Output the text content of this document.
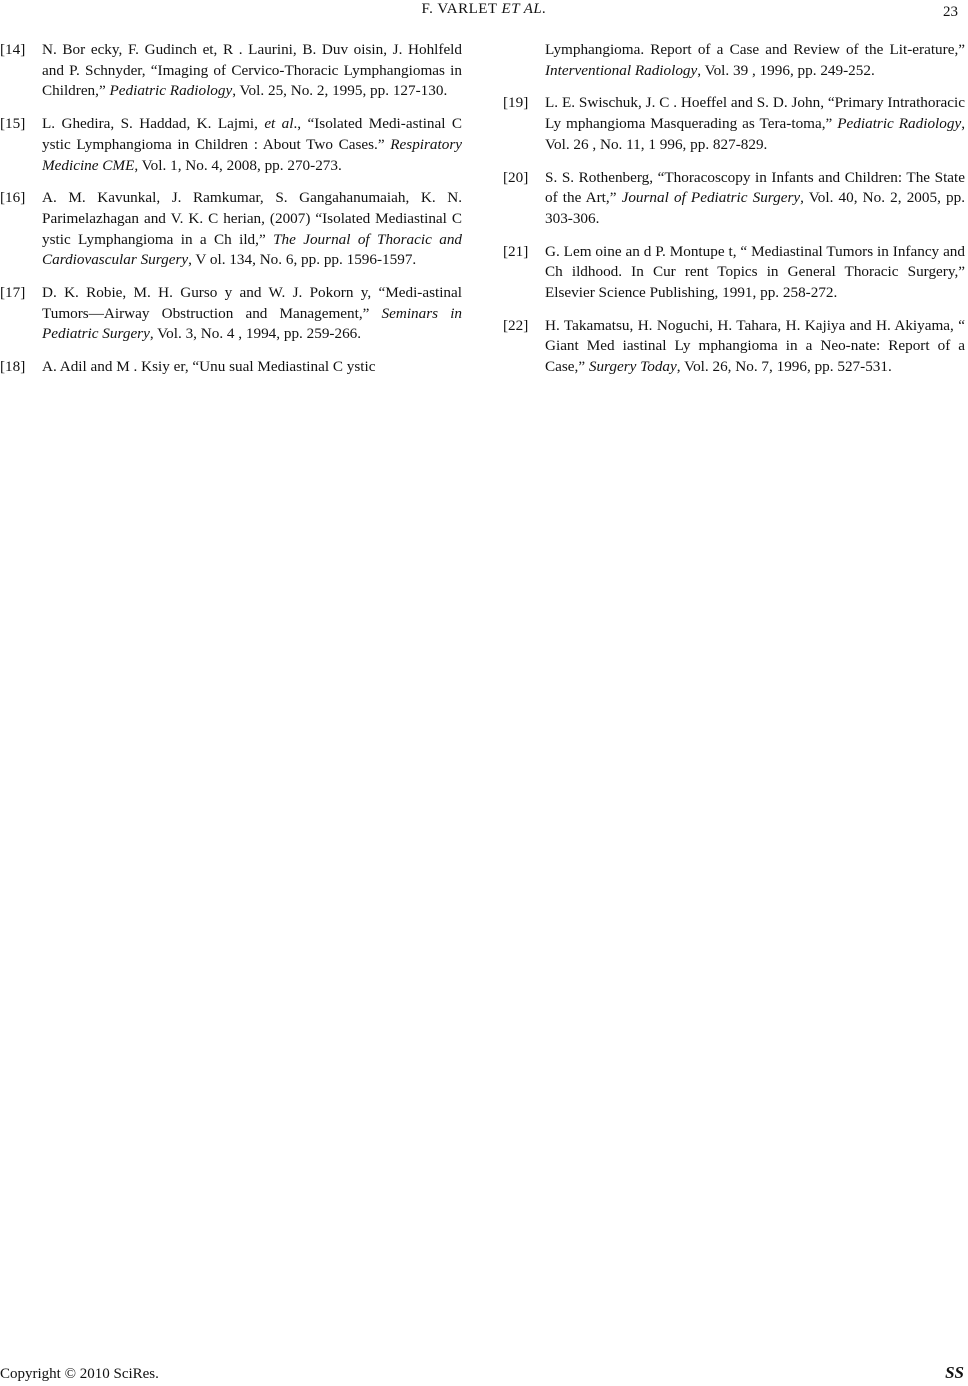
F. VARLET ET AL.	23
[14] N. Bor ecky, F. Gudinch et, R . Laurini, B. Duv oisin, J. Hohlfeld and P. Schnyder, “Imaging of Cervico-Thoracic Lymphangiomas in Children,” Pediatric Radiology, Vol. 25, No. 2, 1995, pp. 127-130.
[15] L. Ghedira, S. Haddad, K. Lajmi, et al., “Isolated Medi-astinal C ystic Lymphangioma in Children : About Two Cases.” Respiratory Medicine CME, Vol. 1, No. 4, 2008, pp. 270-273.
[16] A. M. Kavunkal, J. Ramkumar, S. Gangahanumaiah, K. N. Parimelazhagan and V. K. C herian, (2007) “Isolated Mediastinal C ystic Lymphangioma in a Ch ild,” The Journal of Thoracic and Cardiovascular Surgery, V ol. 134, No. 6, pp. pp. 1596-1597.
[17] D. K. Robie, M. H. Gurso y and W. J. Pokorn y, “Medi-astinal Tumors—Airway Obstruction and Management,” Seminars in Pediatric Surgery, Vol. 3, No. 4 , 1994, pp. 259-266.
[18] A. Adil and M . Ksiy er, “Unu sual Mediastinal C ystic
Lymphangioma. Report of a Case and Review of the Lit-erature,” Interventional Radiology, Vol. 39 , 1996, pp. 249-252.
[19] L. E. Swischuk, J. C . Hoeffel and S. D. John, “Primary Intrathoracic Ly mphangioma Masquerading as Tera-toma,” Pediatric Radiology, Vol. 26 , No. 11, 1 996, pp. 827-829.
[20] S. S. Rothenberg, “Thoracoscopy in Infants and Children: The State of the Art,” Journal of Pediatric Surgery, Vol. 40, No. 2, 2005, pp. 303-306.
[21] G. Lem oine an d P. Montupe t, “ Mediastinal Tumors in Infancy and Ch ildhood. In Cur rent Topics in General Thoracic Surgery,” Elsevier Science Publishing, 1991, pp. 258-272.
[22] H. Takamatsu, H. Noguchi, H. Tahara, H. Kajiya and H. Akiyama, “ Giant Med iastinal Ly mphangioma in a Neo-nate: Report of a Case,” Surgery Today, Vol. 26, No. 7, 1996, pp. 527-531.
Copyright © 2010 SciRes.	SS
